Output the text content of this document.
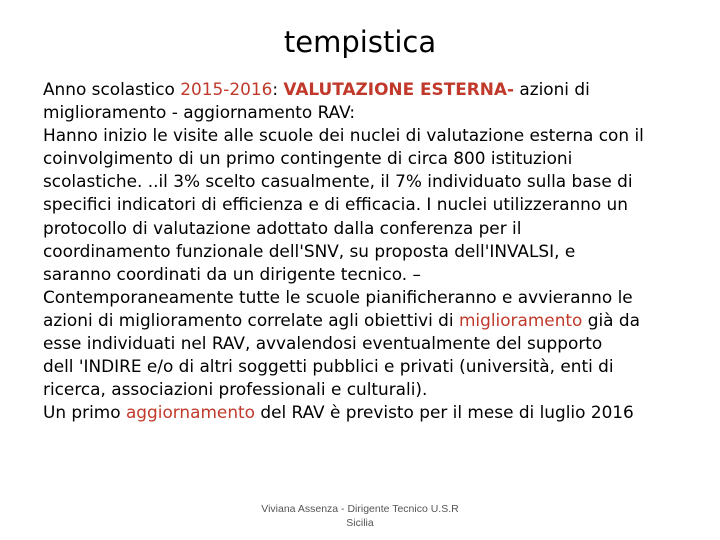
tempistica
Anno scolastico 2015-2016: VALUTAZIONE ESTERNA- azioni di
miglioramento - aggiornamento RAV:
Hanno inizio le visite alle scuole dei nuclei di valutazione esterna con il
coinvolgimento di un primo contingente di circa 800 istituzioni
scolastiche. ..il 3% scelto casualmente, il 7% individuato sulla base di
specifici indicatori di efficienza e di efficacia. I nuclei utilizzeranno un
protocollo di valutazione adottato dalla conferenza per il
coordinamento funzionale dell'SNV, su proposta dell'INVALSI, e
saranno coordinati da un dirigente tecnico. –
Contemporaneamente tutte le scuole pianificheranno e avvieranno le
azioni di miglioramento correlate agli obiettivi di miglioramento già da
esse individuati nel RAV, avvalendosi eventualmente del supporto
dell 'INDIRE e/o di altri soggetti pubblici e privati (università, enti di
ricerca, associazioni professionali e culturali).
Un primo aggiornamento del RAV è previsto per il mese di luglio 2016
Viviana Assenza - Dirigente Tecnico U.S.R
Sicilia
